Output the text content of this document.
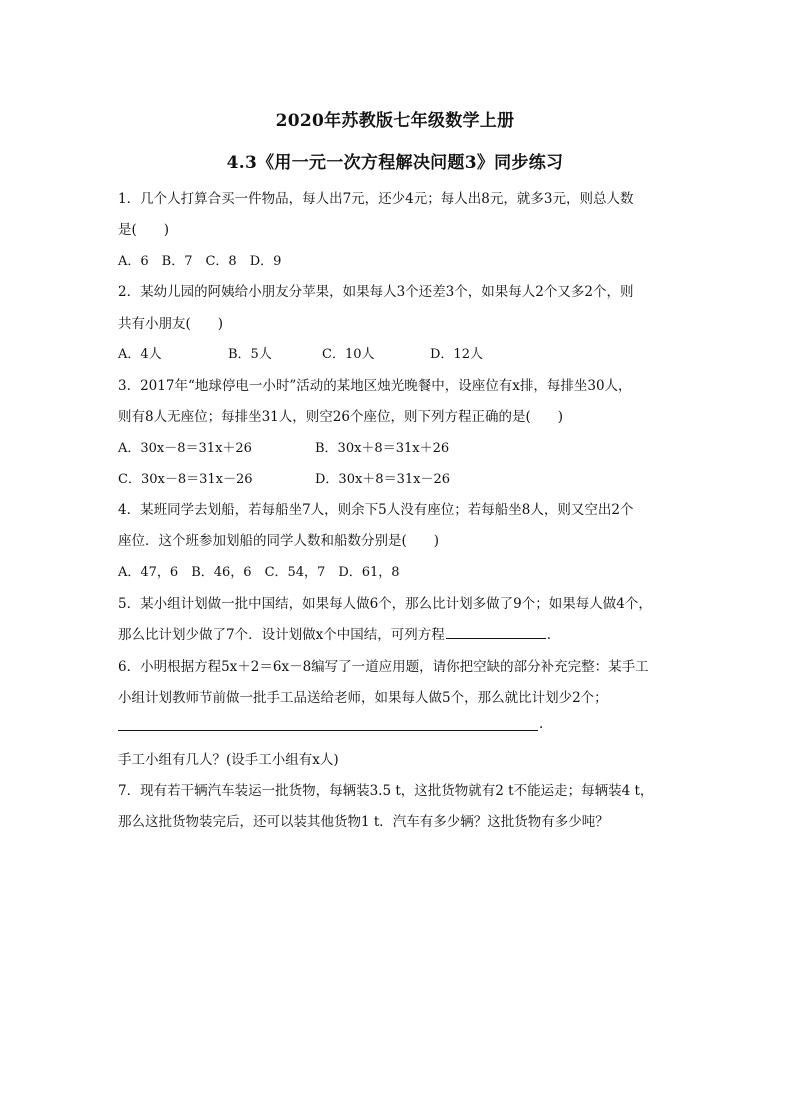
2020年苏教版七年级数学上册
4.3《用一元一次方程解决问题3》同步练习
1．几个人打算合买一件物品，每人出7元，还少4元；每人出8元，就多3元，则总人数
是(　　)
A．6　B．7　C．8　D．9
2．某幼儿园的阿姨给小朋友分苹果，如果每人3个还差3个，如果每人2个又多2个，则
共有小朋友(　　)
A．4人	B．5人	C．10人	D．12人
3．2017年“地球停电一小时”活动的某地区烛光晚餐中，设座位有x排，每排坐30人，
则有8人无座位；每排坐31人，则空26个座位，则下列方程正确的是(　　)
A．30x－8＝31x＋26	B．30x＋8＝31x＋26
C．30x－8＝31x－26	D．30x＋8＝31x－26
4．某班同学去划船，若每船坐7人，则余下5人没有座位；若每船坐8人，则又空出2个
座位．这个班参加划船的同学人数和船数分别是(　　)
A．47，6　B．46，6　C．54，7　D．61，8
5．某小组计划做一批中国结，如果每人做6个，那么比计划多做了9个；如果每人做4个，
那么比计划少做了7个．设计划做x个中国结，可列方程	．
6．小明根据方程5x＋2＝6x－8编写了一道应用题，请你把空缺的部分补充完整：某手工
小组计划教师节前做一批手工品送给老师，如果每人做5个，那么就比计划少2个；
.
手工小组有几人？(设手工小组有x人)
7．现有若干辆汽车装运一批货物，每辆装3.5 t，这批货物就有2 t不能运走；每辆装4 t，
那么这批货物装完后，还可以装其他货物1 t．汽车有多少辆？这批货物有多少吨？
